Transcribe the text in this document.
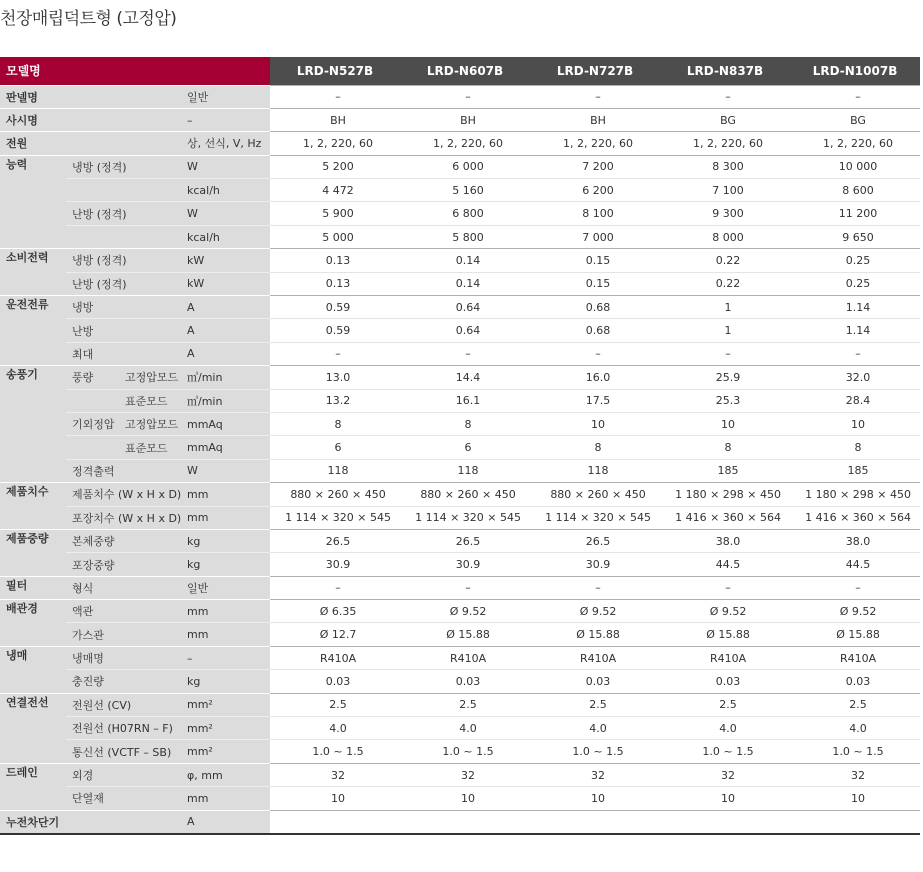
천장매립덕트형 (고정압)
모델명				LRD-N527B	LRD-N607B	LRD-N727B	LRD-N837B	LRD-N1007B
판넬명			일반	–	–	–	–	–
사시명			–	BH	BH	BH	BG	BG
전원			상, 선식, V, Hz	1, 2, 220, 60	1, 2, 220, 60	1, 2, 220, 60	1, 2, 220, 60	1, 2, 220, 60
능력	냉방 (정격)		W	5 200	6 000	7 200	8 300	10 000
			kcal/h	4 472	5 160	6 200	7 100	8 600
	난방 (정격)		W	5 900	6 800	8 100	9 300	11 200
			kcal/h	5 000	5 800	7 000	8 000	9 650
소비전력	냉방 (정격)		kW	0.13	0.14	0.15	0.22	0.25
	난방 (정격)		kW	0.13	0.14	0.15	0.22	0.25
운전전류	냉방		A	0.59	0.64	0.68	1	1.14
	난방		A	0.59	0.64	0.68	1	1.14
	최대		A	–	–	–	–	–
송풍기	풍량	고정압모드	㎥/min	13.0	14.4	16.0	25.9	32.0
		표준모드	㎥/min	13.2	16.1	17.5	25.3	28.4
	기외정압	고정압모드	mmAq	8	8	10	10	10
		표준모드	mmAq	6	6	8	8	8
	정격출력		W	118	118	118	185	185
제품치수	제품치수 (W x H x D)		mm	880 × 260 × 450	880 × 260 × 450	880 × 260 × 450	1 180 × 298 × 450	1 180 × 298 × 450
	포장치수 (W x H x D)		mm	1 114 × 320 × 545	1 114 × 320 × 545	1 114 × 320 × 545	1 416 × 360 × 564	1 416 × 360 × 564
제품중량	본체중량		kg	26.5	26.5	26.5	38.0	38.0
	포장중량		kg	30.9	30.9	30.9	44.5	44.5
필터	형식		일반	–	–	–	–	–
배관경	액관		mm	Ø 6.35	Ø 9.52	Ø 9.52	Ø 9.52	Ø 9.52
	가스관		mm	Ø 12.7	Ø 15.88	Ø 15.88	Ø 15.88	Ø 15.88
냉매	냉매명		–	R410A	R410A	R410A	R410A	R410A
	충진량		kg	0.03	0.03	0.03	0.03	0.03
연결전선	전원선 (CV)		mm²	2.5	2.5	2.5	2.5	2.5
	전원선 (H07RN – F)		mm²	4.0	4.0	4.0	4.0	4.0
	통신선 (VCTF – SB)		mm²	1.0 ~ 1.5	1.0 ~ 1.5	1.0 ~ 1.5	1.0 ~ 1.5	1.0 ~ 1.5
드레인	외경		φ, mm	32	32	32	32	32
	단열재		mm	10	10	10	10	10
누전차단기			A					
